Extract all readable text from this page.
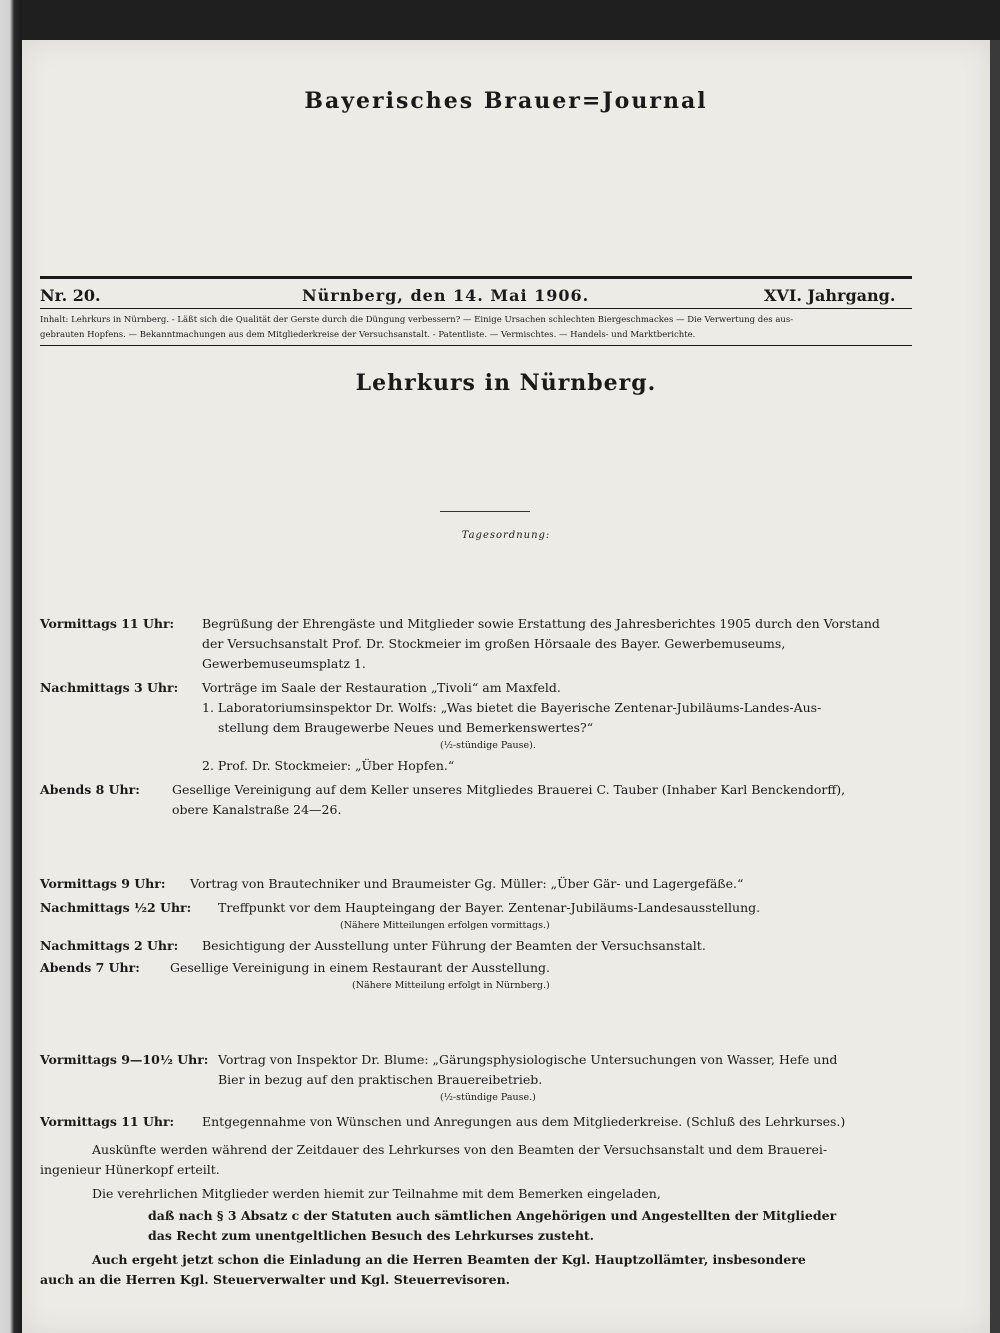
Bayerisches Brauer=Journal
Nr. 20.	Nürnberg, den 14. Mai 1906.	XVI. Jahrgang.
Inhalt: Lehrkurs in Nürnberg. - Läßt sich die Qualität der Gerste durch die Düngung verbessern? — Einige Ursachen schlechten Biergeschmackes — Die Verwertung des aus-
gebrauten Hopfens. — Bekanntmachungen aus dem Mitgliederkreise der Versuchsanstalt. - Patentliste. — Vermischtes. — Handels- und Marktberichte.
Lehrkurs in Nürnberg.
Tagesordnung:
Vormittags 11 Uhr: Begrüßung der Ehrengäste und Mitglieder sowie Erstattung des Jahresberichtes 1905 durch den Vorstand
der Versuchsanstalt Prof. Dr. Stockmeier im großen Hörsaale des Bayer. Gewerbemuseums,
Gewerbemuseumsplatz 1.
Nachmittags 3 Uhr: Vorträge im Saale der Restauration „Tivoli“ am Maxfeld.
1. Laboratoriumsinspektor Dr. Wolfs: „Was bietet die Bayerische Zentenar-Jubiläums-Landes-Aus-
stellung dem Braugewerbe Neues und Bemerkenswertes?“
(½-stündige Pause).
2. Prof. Dr. Stockmeier: „Über Hopfen.“
Abends 8 Uhr:	Gesellige Vereinigung auf dem Keller unseres Mitgliedes Brauerei C. Tauber (Inhaber Karl Benckendorff),
obere Kanalstraße 24—26.
Vormittags 9 Uhr: Vortrag von Brautechniker und Braumeister Gg. Müller: „Über Gär- und Lagergefäße.“
Nachmittags ½2 Uhr: Treffpunkt vor dem Haupteingang der Bayer. Zentenar-Jubiläums-Landesausstellung.
(Nähere Mitteilungen erfolgen vormittags.)
Nachmittags 2 Uhr: Besichtigung der Ausstellung unter Führung der Beamten der Versuchsanstalt.
Abends 7 Uhr: Gesellige Vereinigung in einem Restaurant der Ausstellung.
(Nähere Mitteilung erfolgt in Nürnberg.)
Vormittags 9—10½ Uhr: Vortrag von Inspektor Dr. Blume: „Gärungsphysiologische Untersuchungen von Wasser, Hefe und
Bier in bezug auf den praktischen Brauereibetrieb.
(½-stündige Pause.)
Vormittags 11 Uhr: Entgegennahme von Wünschen und Anregungen aus dem Mitgliederkreise. (Schluß des Lehrkurses.)
Auskünfte werden während der Zeitdauer des Lehrkurses von den Beamten der Versuchsanstalt und dem Brauerei-
ingenieur Hünerkopf erteilt.
Die verehrlichen Mitglieder werden hiemit zur Teilnahme mit dem Bemerken eingeladen,
daß nach § 3 Absatz c der Statuten auch sämtlichen Angehörigen und Angestellten der Mitglieder
das Recht zum unentgeltlichen Besuch des Lehrkurses zusteht.
Auch ergeht jetzt schon die Einladung an die Herren Beamten der Kgl. Hauptzollämter, insbesondere
auch an die Herren Kgl. Steuerverwalter und Kgl. Steuerrevisoren.
